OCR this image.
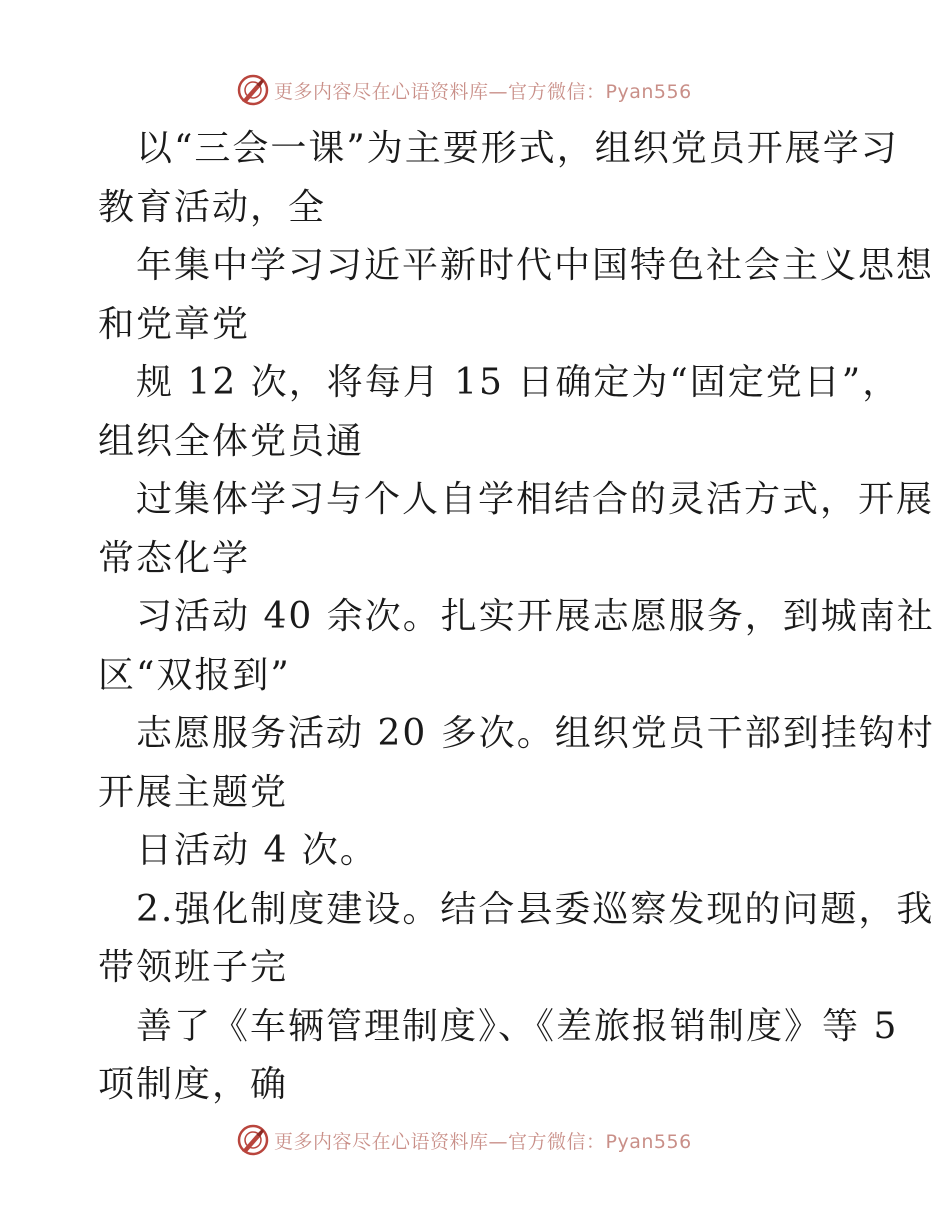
更多内容尽在心语资料库—官方微信：Pyan556
以“三会一课”为主要形式，组织党员开展学习
教育活动，全
年集中学习习近平新时代中国特色社会主义思想
和党章党
规 12 次，将每月 15 日确定为“固定党日”，
组织全体党员通
过集体学习与个人自学相结合的灵活方式，开展
常态化学
习活动 40 余次。扎实开展志愿服务，到城南社
区“双报到”
志愿服务活动 20 多次。组织党员干部到挂钩村
开展主题党
日活动 4 次。
2.强化制度建设。结合县委巡察发现的问题，我
带领班子完
善了《车辆管理制度》、《差旅报销制度》等 5
项制度，确
更多内容尽在心语资料库—官方微信：Pyan556
